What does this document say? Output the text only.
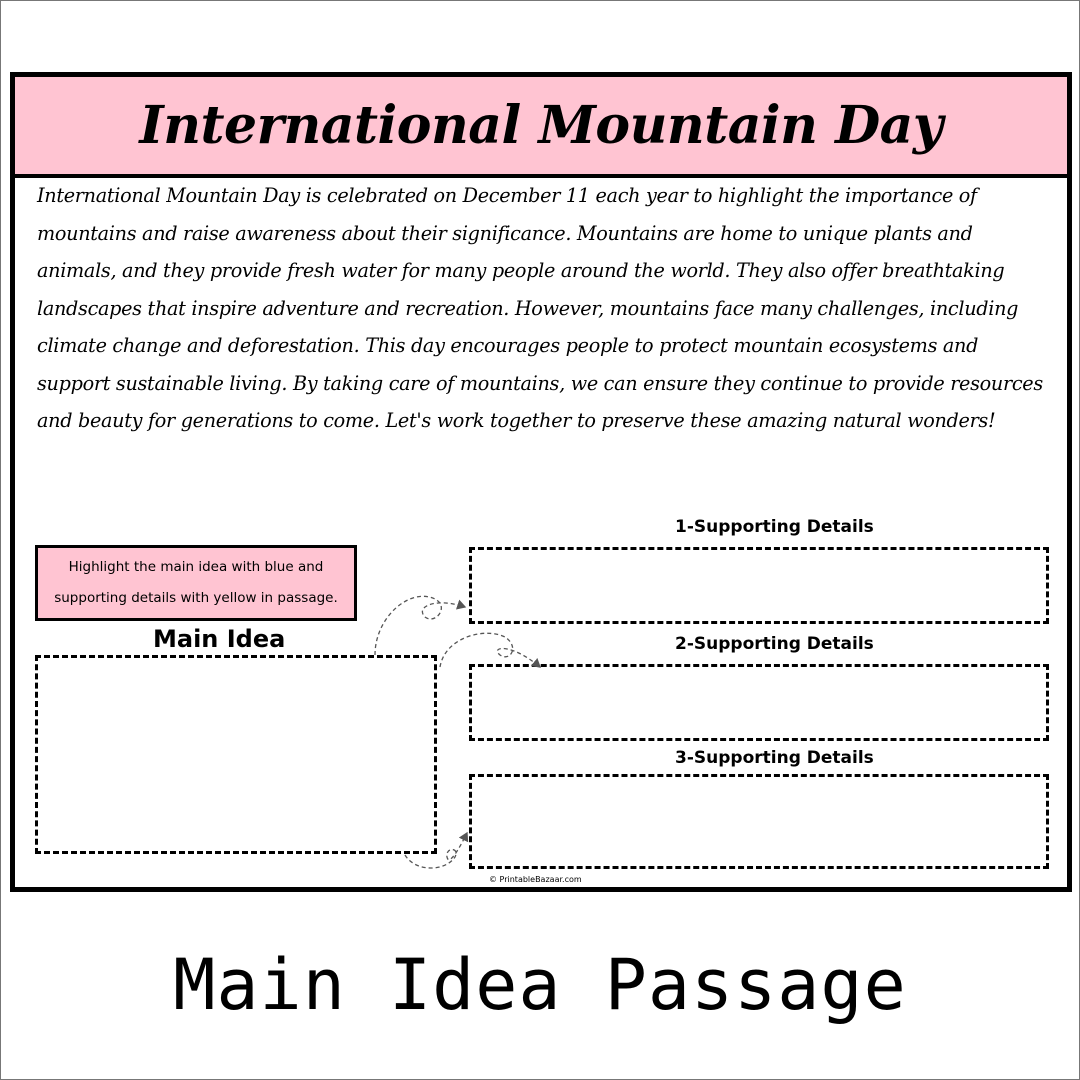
International Mountain Day

International Mountain Day is celebrated on December 11 each year to highlight the importance of mountains and raise awareness about their significance. Mountains are home to unique plants and animals, and they provide fresh water for many people around the world. They also offer breathtaking landscapes that inspire adventure and recreation. However, mountains face many challenges, including climate change and deforestation. This day encourages people to protect mountain ecosystems and support sustainable living. By taking care of mountains, we can ensure they continue to provide resources and beauty for generations to come. Let's work together to preserve these amazing natural wonders!

Highlight the main idea with blue and supporting details with yellow in passage.
Main Idea
1-Supporting Details
2-Supporting Details
3-Supporting Details
© PrintableBazaar.com
Main Idea Passage
